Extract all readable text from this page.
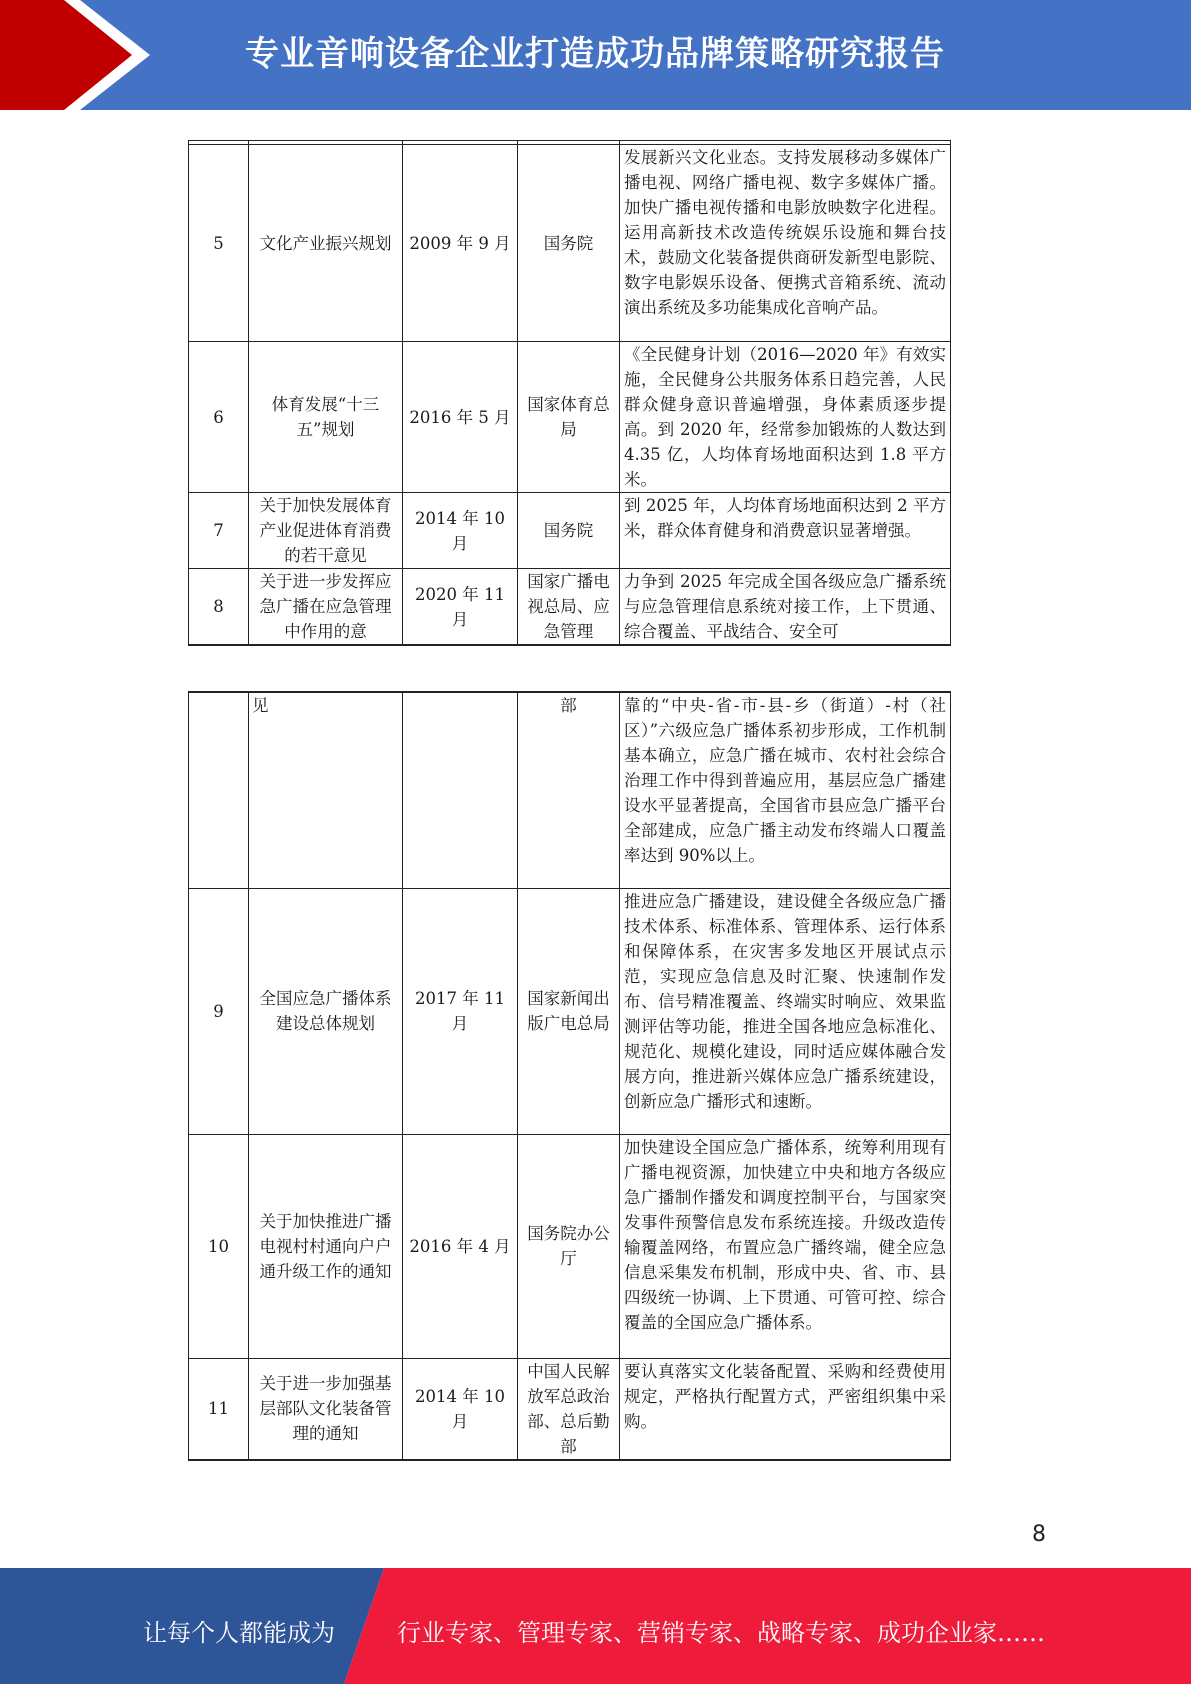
专业音响设备企业打造成功品牌策略研究报告

5	文化产业振兴规划	2009 年 9 月	国务院	发展新兴文化业态。支持发展移动多媒体广播电视、网络广播电视、数字多媒体广播。加快广播电视传播和电影放映数字化进程。运用高新技术改造传统娱乐设施和舞台技术，鼓励文化装备提供商研发新型电影院、数字电影娱乐设备、便携式音箱系统、流动演出系统及多功能集成化音响产品。
6	体育发展“十三五”规划	2016 年 5 月	国家体育总局	《全民健身计划（2016—2020 年》有效实施，全民健身公共服务体系日趋完善，人民群众健身意识普遍增强，身体素质逐步提高。到 2020 年，经常参加锻炼的人数达到 4.35 亿，人均体育场地面积达到 1.8 平方米。
7	关于加快发展体育产业促进体育消费的若干意见	2014 年 10 月	国务院	到 2025 年，人均体育场地面积达到 2 平方米，群众体育健身和消费意识显著增强。
8	关于进一步发挥应急广播在应急管理中作用的意	2020 年 11 月	国家广播电视总局、应急管理	力争到 2025 年完成全国各级应急广播系统与应急管理信息系统对接工作，上下贯通、综合覆盖、平战结合、安全可
	见		部	靠的“中央-省-市-县-乡（街道）-村（社区）”六级应急广播体系初步形成，工作机制基本确立，应急广播在城市、农村社会综合治理工作中得到普遍应用，基层应急广播建设水平显著提高，全国省市县应急广播平台全部建成，应急广播主动发布终端人口覆盖率达到 90%以上。
9	全国应急广播体系建设总体规划	2017 年 11 月	国家新闻出版广电总局	推进应急广播建设，建设健全各级应急广播技术体系、标准体系、管理体系、运行体系和保障体系，在灾害多发地区开展试点示范，实现应急信息及时汇聚、快速制作发布、信号精准覆盖、终端实时响应、效果监测评估等功能，推进全国各地应急标准化、规范化、规模化建设，同时适应媒体融合发展方向，推进新兴媒体应急广播系统建设，创新应急广播形式和速断。
10	关于加快推进广播电视村村通向户户通升级工作的通知	2016 年 4 月	国务院办公厅	加快建设全国应急广播体系，统筹利用现有广播电视资源，加快建立中央和地方各级应急广播制作播发和调度控制平台，与国家突发事件预警信息发布系统连接。升级改造传输覆盖网络，布置应急广播终端，健全应急信息采集发布机制，形成中央、省、市、县四级统一协调、上下贯通、可管可控、综合覆盖的全国应急广播体系。
11	关于进一步加强基层部队文化装备管理的通知	2014 年 10 月	中国人民解放军总政治部、总后勤部	要认真落实文化装备配置、采购和经费使用规定，严格执行配置方式，严密组织集中采购。
8
让每个人都能成为	行业专家、管理专家、营销专家、战略专家、成功企业家……
